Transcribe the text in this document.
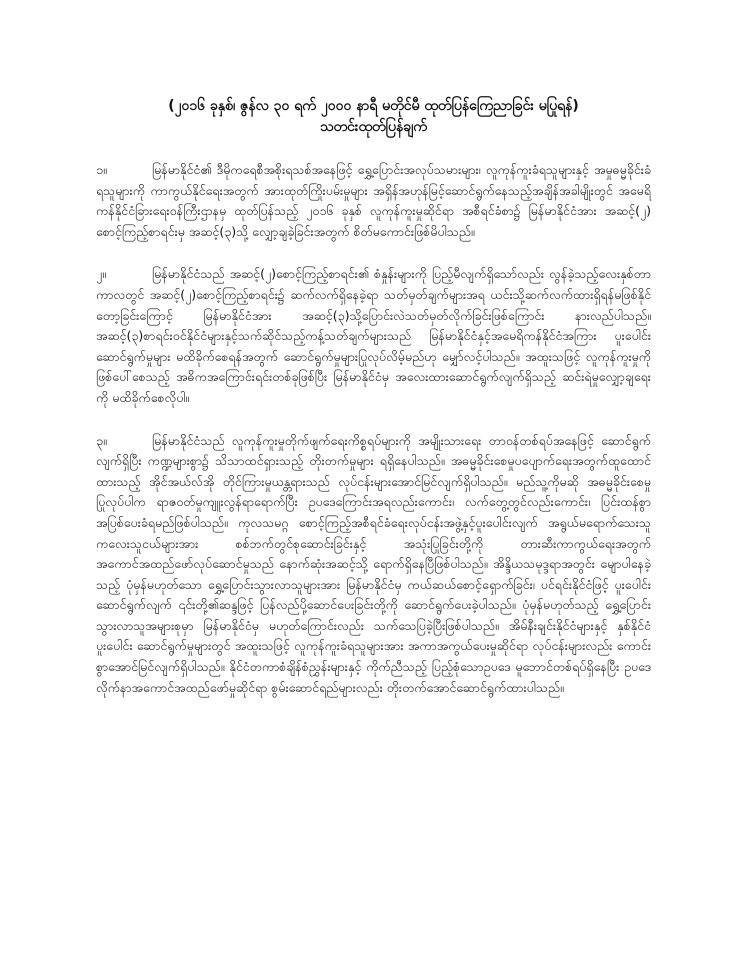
(၂၀၁၆ ခုနှစ်၊ ဇွန်လ ၃၀ ရက် ၂၀၀၀ နာရီ မတိုင်မီ ထုတ်ပြန်ကြေညာခြင်း မပြုရန်)
သတင်းထုတ်ပြန်ချက်
၁။	မြန်မာနိုင်ငံ၏ ဒီမိုကရေစီအစိုးရသစ်အနေဖြင့် ရွှေ့ပြောင်းအလုပ်သမားများ၊ လူကုန်ကူးခံရသူများနှင့် အမှုဓမ္မခိုင်းခံရသူများကို ကာကွယ်နိုင်ရေးအတွက် အားထုတ်ကြိုးပမ်းမှုများ အရှိန်အဟုန်မြင့်ဆောင်ရွက်နေသည့်အချိန်အခါမျိုးတွင် အမေရိကန်နိုင်ငံခြားရေးဝန်ကြီးဌာနမှ ထုတ်ပြန်သည့် ၂၀၁၆ ခုနှစ် လူကုန်ကူးမှုဆိုင်ရာ အစီရင်ခံစာ၌ မြန်မာနိုင်ငံအား အဆင့်(၂) စောင့်ကြည့်စာရင်းမှ အဆင့်(၃)သို့ လျှော့ချခဲ့ခြင်းအတွက် စိတ်မကောင်းဖြစ်မိပါသည်။
၂။	မြန်မာနိုင်ငံသည် အဆင့်(၂)စောင့်ကြည့်စာရင်း၏ စံနှုန်းများကို ပြည့်မီလျက်ရှိသော်လည်း လွန်ခဲ့သည့်လေးနှစ်တာကာလတွင် အဆင့်(၂)စောင့်ကြည့်စာရင်း၌ ဆက်လက်ရှိနေခဲ့ရာ သတ်မှတ်ချက်များအရ ယင်းသို့ဆက်လက်ထားရှိရန်မဖြစ်နိုင်တော့ခြင်းကြောင့် မြန်မာနိုင်ငံအား အဆင့်(၃)သို့ပြောင်းလဲသတ်မှတ်လိုက်ခြင်းဖြစ်ကြောင်း နားလည်ပါသည်။ အဆင့်(၃)စာရင်းဝင်နိုင်ငံများနှင့်သက်ဆိုင်သည့်ကန့်သတ်ချက်များသည် မြန်မာနိုင်ငံနှင့်အမေရိကန်နိုင်ငံအကြား ပူးပေါင်းဆောင်ရွက်မှုများ မထိခိုက်စေရန်အတွက် ဆောင်ရွက်မှုများပြုလုပ်လိမ့်မည်ဟု မျှော်လင့်ပါသည်။ အထူးသဖြင့် လူကုန်ကူးမှုကိုဖြစ်ပေါ်စေသည့် အဓိကအကြောင်းရင်းတစ်ခုဖြစ်ပြီး မြန်မာနိုင်ငံမှ အလေးထားဆောင်ရွက်လျက်ရှိသည့် ဆင်းရဲမှုလျှော့ချရေးကို မထိခိုက်စေလိုပါ။
၃။	မြန်မာနိုင်ငံသည် လူကုန်ကူးမှုတိုက်ဖျက်ရေးကိစ္စရပ်များကို အမျိုးသားရေး တာဝန်တစ်ရပ်အနေဖြင့် ဆောင်ရွက်လျက်ရှိပြီး ကဏ္ဍများစွာ၌ သိသာထင်ရှားသည့် တိုးတက်မှုများ ရရှိနေပါသည်။ အဓမ္မခိုင်းစေမှုပပျောက်ရေးအတွက်ထူထောင်ထားသည့် အိုင်အယ်လ်အို တိုင်ကြားမှုယန္တရားသည် လုပ်ငန်းများအောင်မြင်လျက်ရှိပါသည်။ မည်သူ့ကိုမဆို အဓမ္မခိုင်းစေမှု ပြုလုပ်ပါက ရာဇဝတ်မှုကျူးလွန်ရာရောက်ပြီး ဥပဒေကြောင်းအရလည်းကောင်း၊ လက်တွေ့တွင်လည်းကောင်း၊ ပြင်းထန်စွာအပြစ်ပေးခံရမည်ဖြစ်ပါသည်။ ကုလသမဂ္ဂ စောင့်ကြည့်အစီရင်ခံရေးလုပ်ငန်းအဖွဲ့နှင့်ပူးပေါင်းလျက် အရွယ်မရောက်သေးသူ ကလေးသူငယ်များအား စစ်ဘက်တွင်စုဆောင်းခြင်းနှင့် အသုံးပြုခြင်းတို့ကို တားဆီးကာကွယ်ရေးအတွက် အကောင်အထည်ဖော်လုပ်ဆောင်မှုသည် နောက်ဆုံးအဆင့်သို့ ရောက်ရှိနေပြီဖြစ်ပါသည်။ အိန္ဒိယသမုဒ္ဒရာအတွင်း မျောပါနေခဲ့သည့် ပုံမှန်မဟုတ်သော ရွှေ့ပြောင်းသွားလာသူများအား မြန်မာနိုင်ငံမှ ကယ်ဆယ်စောင့်ရှောက်ခြင်း၊ ပင်ရင်းနိုင်ငံဖြင့် ပူးပေါင်းဆောင်ရွက်လျက် ၎င်းတို့၏ဆန္ဒဖြင့် ပြန်လည်ပို့ဆောင်ပေးခြင်းတို့ကို ဆောင်ရွက်ပေးခဲ့ပါသည်။ ပုံမှန်မဟုတ်သည့် ရွှေ့ပြောင်းသွားလာသူအများစုမှာ မြန်မာနိုင်ငံမှ မဟုတ်ကြောင်းလည်း သက်သေပြခဲ့ပြီးဖြစ်ပါသည်။ အိမ်နီးချင်းနိုင်ငံများနှင့် နှစ်နိုင်ငံပူးပေါင်း ဆောင်ရွက်မှုများတွင် အထူးသဖြင့် လူကုန်ကူးခံရသူများအား အကာအကွယ်ပေးမှုဆိုင်ရာ လုပ်ငန်းများလည်း ကောင်းစွာအောင်မြင်လျက်ရှိပါသည်။ နိုင်ငံတကာစံချိန်စံညွှန်းများနှင့် ကိုက်ညီသည့် ပြည့်စုံသောဥပဒေ မူဘောင်တစ်ရပ်ရှိနေပြီး ဥပဒေလိုက်နာအကောင်အထည်ဖော်မှုဆိုင်ရာ စွမ်းဆောင်ရည်များလည်း တိုးတက်အောင်ဆောင်ရွက်ထားပါသည်။
